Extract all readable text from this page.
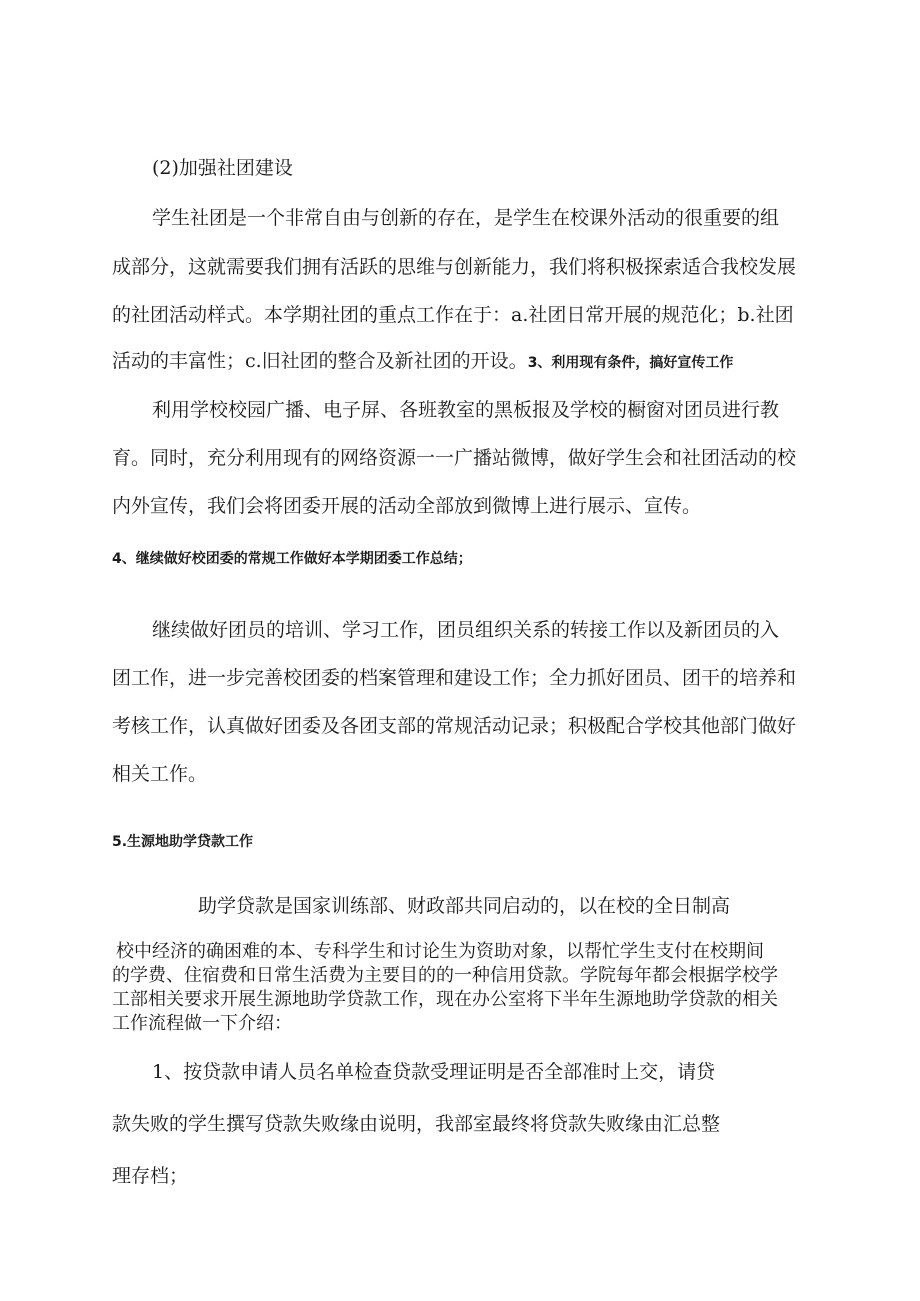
(2)加强社团建设

学生社团是一个非常自由与创新的存在，是学生在校课外活动的很重要的组

成部分，这就需要我们拥有活跃的思维与创新能力，我们将积极探索适合我校发展

的社团活动样式。本学期社团的重点工作在于：a.社团日常开展的规范化；b.社团

活动的丰富性；c.旧社团的整合及新社团的开设。3、利用现有条件，搞好宣传工作

利用学校校园广播、电子屏、各班教室的黑板报及学校的橱窗对团员进行教

育。同时，充分利用现有的网络资源一一广播站微博，做好学生会和社团活动的校

内外宣传，我们会将团委开展的活动全部放到微博上进行展示、宣传。

4、继续做好校团委的常规工作做好本学期团委工作总结；

继续做好团员的培训、学习工作，团员组织关系的转接工作以及新团员的入

团工作，进一步完善校团委的档案管理和建设工作；全力抓好团员、团干的培养和

考核工作，认真做好团委及各团支部的常规活动记录；积极配合学校其他部门做好

相关工作。

5.生源地助学贷款工作

助学贷款是国家训练部、财政部共同启动的，以在校的全日制高

校中经济的确困难的本、专科学生和讨论生为资助对象，以帮忙学生支付在校期间

的学费、住宿费和日常生活费为主要目的的一种信用贷款。学院每年都会根据学校学

工部相关要求开展生源地助学贷款工作，现在办公室将下半年生源地助学贷款的相关

工作流程做一下介绍：

1、按贷款申请人员名单检查贷款受理证明是否全部准时上交，请贷

款失败的学生撰写贷款失败缘由说明，我部室最终将贷款失败缘由汇总整

理存档；
